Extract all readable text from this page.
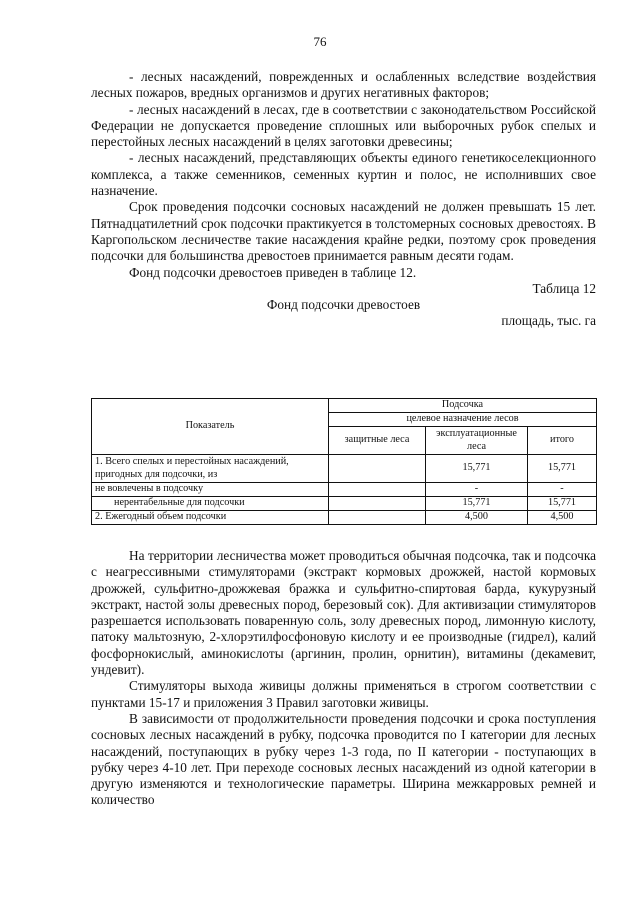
76

- лесных насаждений, поврежденных и ослабленных вследствие воздействия лесных пожаров, вредных организмов и других негативных факторов;

- лесных насаждений в лесах, где в соответствии с законодательством Российской Федерации не допускается проведение сплошных или выборочных рубок спелых и перестойных лесных насаждений в целях заготовки древесины;

- лесных насаждений, представляющих объекты единого генетикоселекционного комплекса, а также семенников, семенных куртин и полос, не исполнивших свое назначение.

Срок проведения подсочки сосновых насаждений не должен превышать 15 лет. Пятнадцатилетний срок подсочки практикуется в толстомерных сосновых древостоях. В Каргопольском лесничестве такие насаждения крайне редки, поэтому срок проведения подсочки для большинства древостоев принимается равным десяти годам.

Фонд подсочки древостоев приведен в таблице 12.

Таблица 12

Фонд подсочки древостоев

площадь, тыс. га

Показатель	Подсочка		
	целевое назначение лесов		
	защитные леса	эксплуатационные леса	итого
1. Всего спелых и перестойных насаждений, пригодных для подсочки, из		15,771	15,771
не вовлечены в подсочку		-	-
нерентабельные для подсочки		15,771	15,771
2. Ежегодный объем подсочки		4,500	4,500

На территории лесничества может проводиться обычная подсочка, так и подсочка с неагрессивными стимуляторами (экстракт кормовых дрожжей, настой кормовых дрожжей, сульфитно-дрожжевая бражка и сульфитно-спиртовая барда, кукурузный экстракт, настой золы древесных пород, березовый сок). Для активизации стимуляторов разрешается использовать поваренную соль, золу древесных пород, лимонную кислоту, патоку мальтозную, 2-хлорэтилфосфоновую кислоту и ее производные (гидрел), калий фосфорнокислый, аминокислоты (аргинин, пролин, орнитин), витамины (декамевит, ундевит).

Стимуляторы выхода живицы должны применяться в строгом соответствии с пунктами 15-17 и приложения 3 Правил заготовки живицы.

В зависимости от продолжительности проведения подсочки и срока поступления сосновых лесных насаждений в рубку, подсочка проводится по I категории для лесных насаждений, поступающих в рубку через 1-3 года, по II категории - поступающих в рубку через 4-10 лет. При переходе сосновых лесных насаждений из одной категории в другую изменяются и технологические параметры. Ширина межкарровых ремней и количество
